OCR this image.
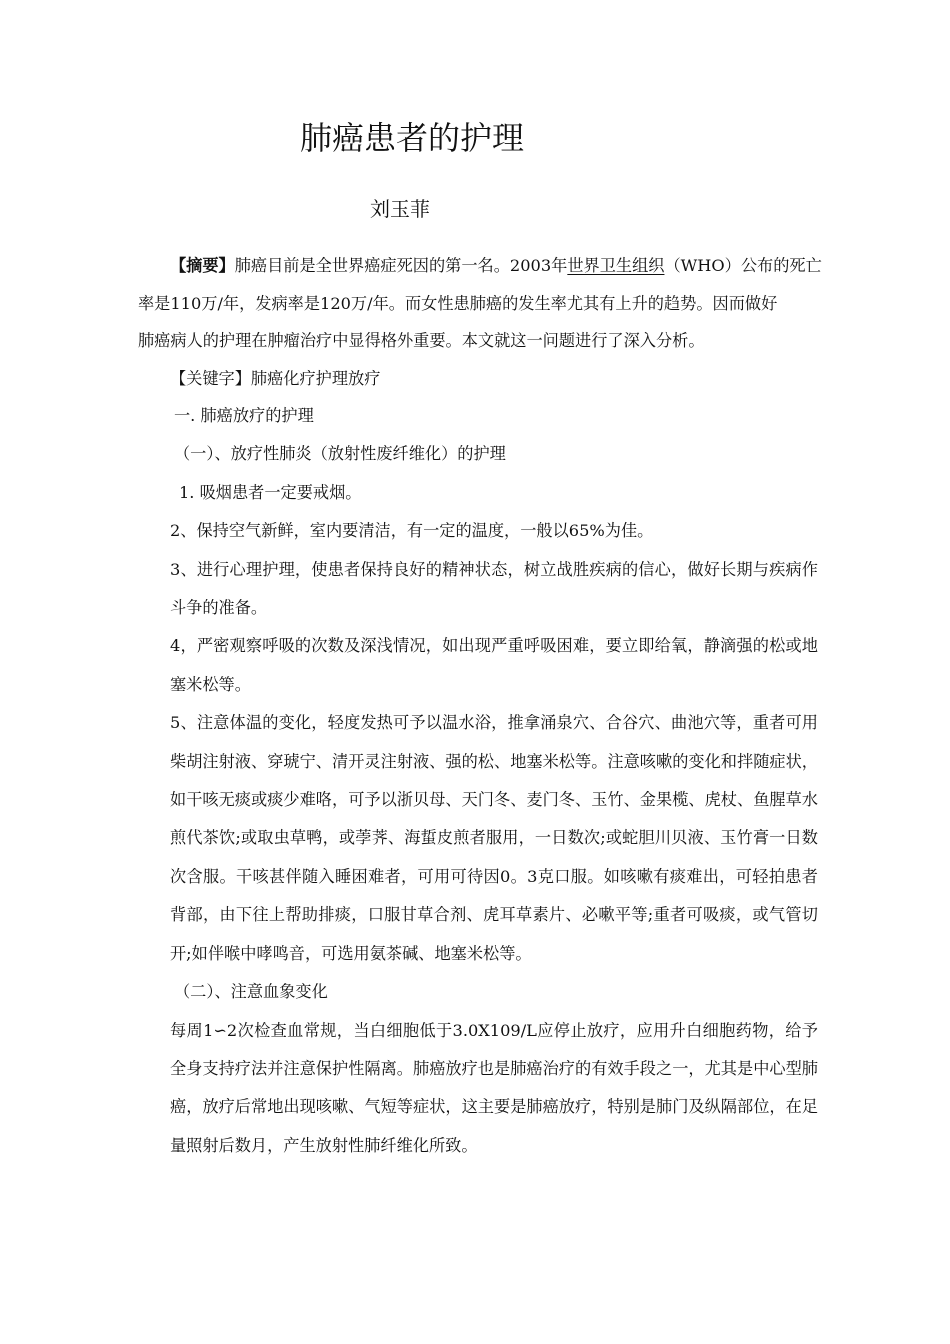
肺癌患者的护理
刘玉菲

【摘要】肺癌目前是全世界癌症死因的第一名。2003年世界卫生组织（WHO）公布的死亡

率是110万/年，发病率是120万/年。而女性患肺癌的发生率尤其有上升的趋势。因而做好

肺癌病人的护理在肿瘤治疗中显得格外重要。本文就这一问题进行了深入分析。

【关键字】肺癌化疗护理放疗

一. 肺癌放疗的护理

（一）、放疗性肺炎（放射性废纤维化）的护理

1. 吸烟患者一定要戒烟。

2、保持空气新鲜，室内要清洁，有一定的温度，一般以65%为佳。

3、进行心理护理，使患者保持良好的精神状态，树立战胜疾病的信心，做好长期与疾病作斗争的准备。

4，严密观察呼吸的次数及深浅情况，如出现严重呼吸困难，要立即给氧，静滴强的松或地塞米松等。

5、注意体温的变化，轻度发热可予以温水浴，推拿涌泉穴、合谷穴、曲池穴等，重者可用柴胡注射液、穿琥宁、清开灵注射液、强的松、地塞米松等。注意咳嗽的变化和拌随症状，如干咳无痰或痰少难咯，可予以浙贝母、天门冬、麦门冬、玉竹、金果榄、虎杖、鱼腥草水煎代茶饮;或取虫草鸭，或荸荠、海蜇皮煎者服用，一日数次;或蛇胆川贝液、玉竹膏一日数次含服。干咳甚伴随入睡困难者，可用可待因0。3克口服。如咳嗽有痰难出，可轻拍患者背部，由下往上帮助排痰，口服甘草合剂、虎耳草素片、必嗽平等;重者可吸痰，或气管切开;如伴喉中哮鸣音，可选用氨茶碱、地塞米松等。

（二）、注意血象变化

每周1∽2次检查血常规，当白细胞低于3.0X109/L应停止放疗，应用升白细胞药物，给予全身支持疗法并注意保护性隔离。肺癌放疗也是肺癌治疗的有效手段之一，尤其是中心型肺癌，放疗后常地出现咳嗽、气短等症状，这主要是肺癌放疗，特别是肺门及纵隔部位，在足量照射后数月，产生放射性肺纤维化所致。
